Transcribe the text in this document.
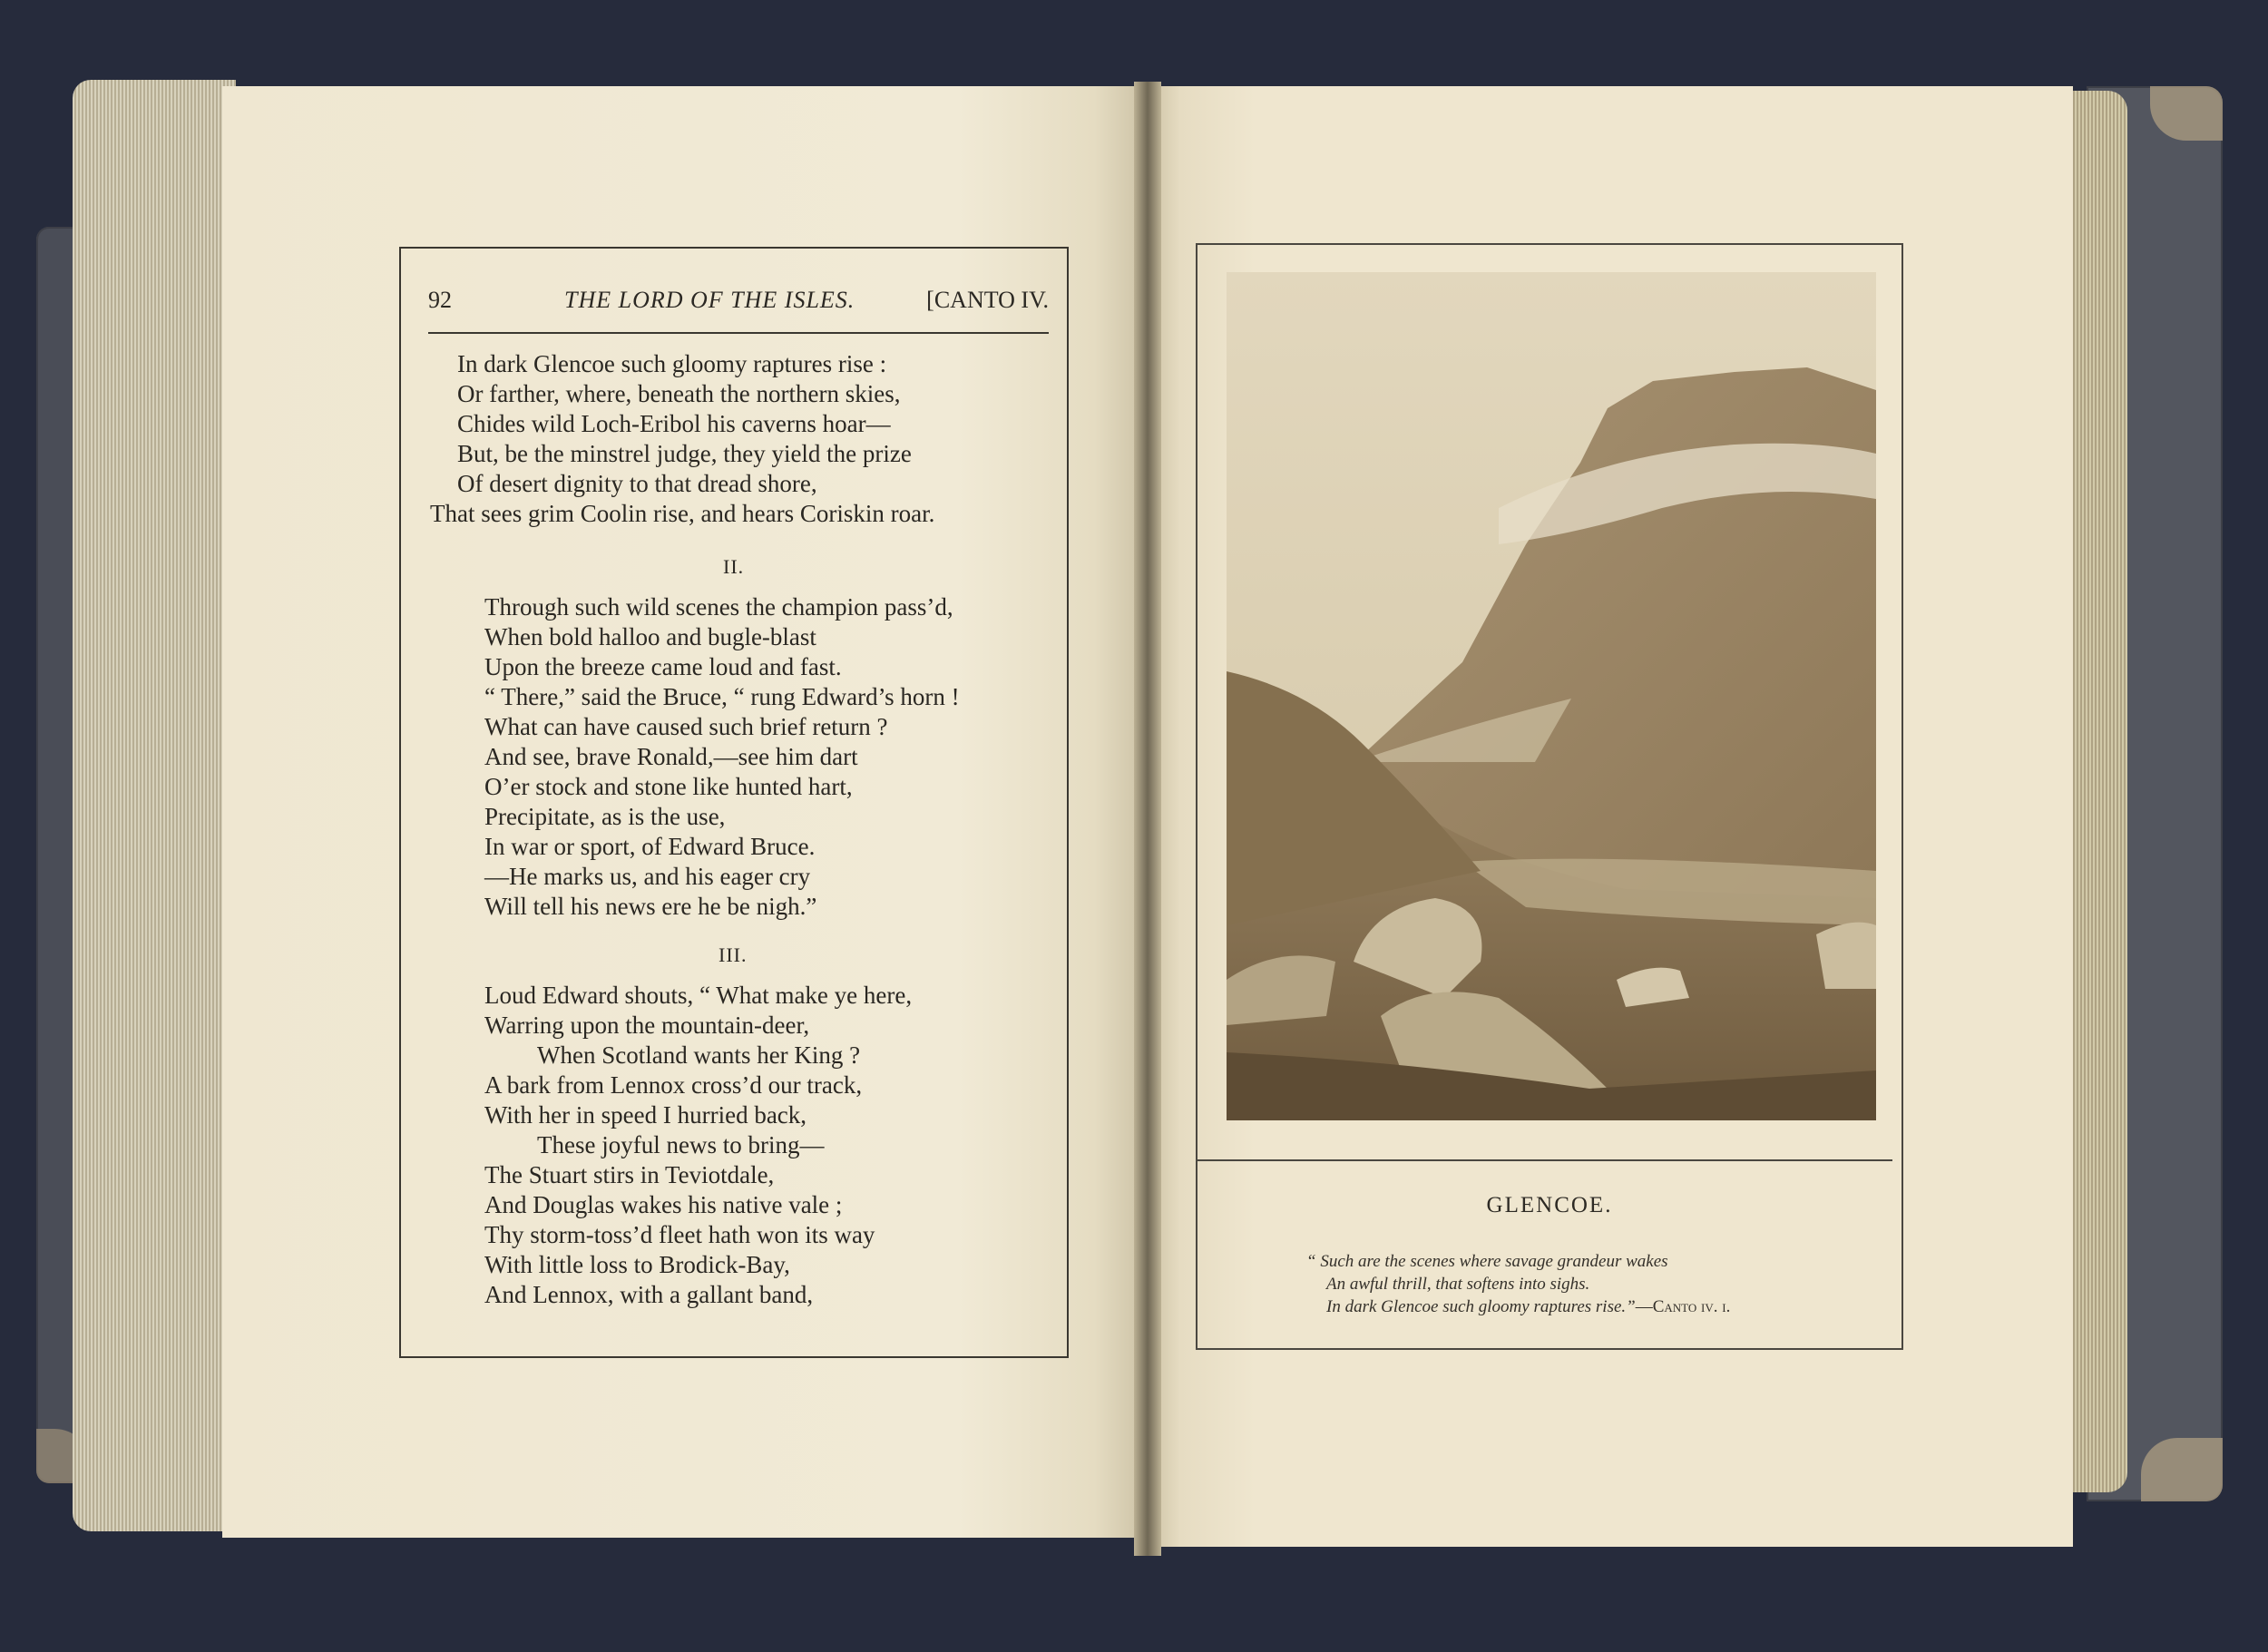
92	THE LORD OF THE ISLES.	[CANTO IV.
In dark Glencoe such gloomy raptures rise :
Or farther, where, beneath the northern skies,
Chides wild Loch-Eribol his caverns hoar—
But, be the minstrel judge, they yield the prize
Of desert dignity to that dread shore,
That sees grim Coolin rise, and hears Coriskin roar.
II.
Through such wild scenes the champion pass’d,
When bold halloo and bugle-blast
Upon the breeze came loud and fast.
“ There,” said the Bruce, “ rung Edward’s horn !
What can have caused such brief return ?
And see, brave Ronald,—see him dart
O’er stock and stone like hunted hart,
Precipitate, as is the use,
In war or sport, of Edward Bruce.
—He marks us, and his eager cry
Will tell his news ere he be nigh.”
III.
Loud Edward shouts, “ What make ye here,
Warring upon the mountain-deer,
When Scotland wants her King ?
A bark from Lennox cross’d our track,
With her in speed I hurried back,
These joyful news to bring—
The Stuart stirs in Teviotdale,
And Douglas wakes his native vale ;
Thy storm-toss’d fleet hath won its way
With little loss to Brodick-Bay,
And Lennox, with a gallant band,
GLENCOE.
“ Such are the scenes where savage grandeur wakes
An awful thrill, that softens into sighs.
In dark Glencoe such gloomy raptures rise.”—Canto iv. i.
